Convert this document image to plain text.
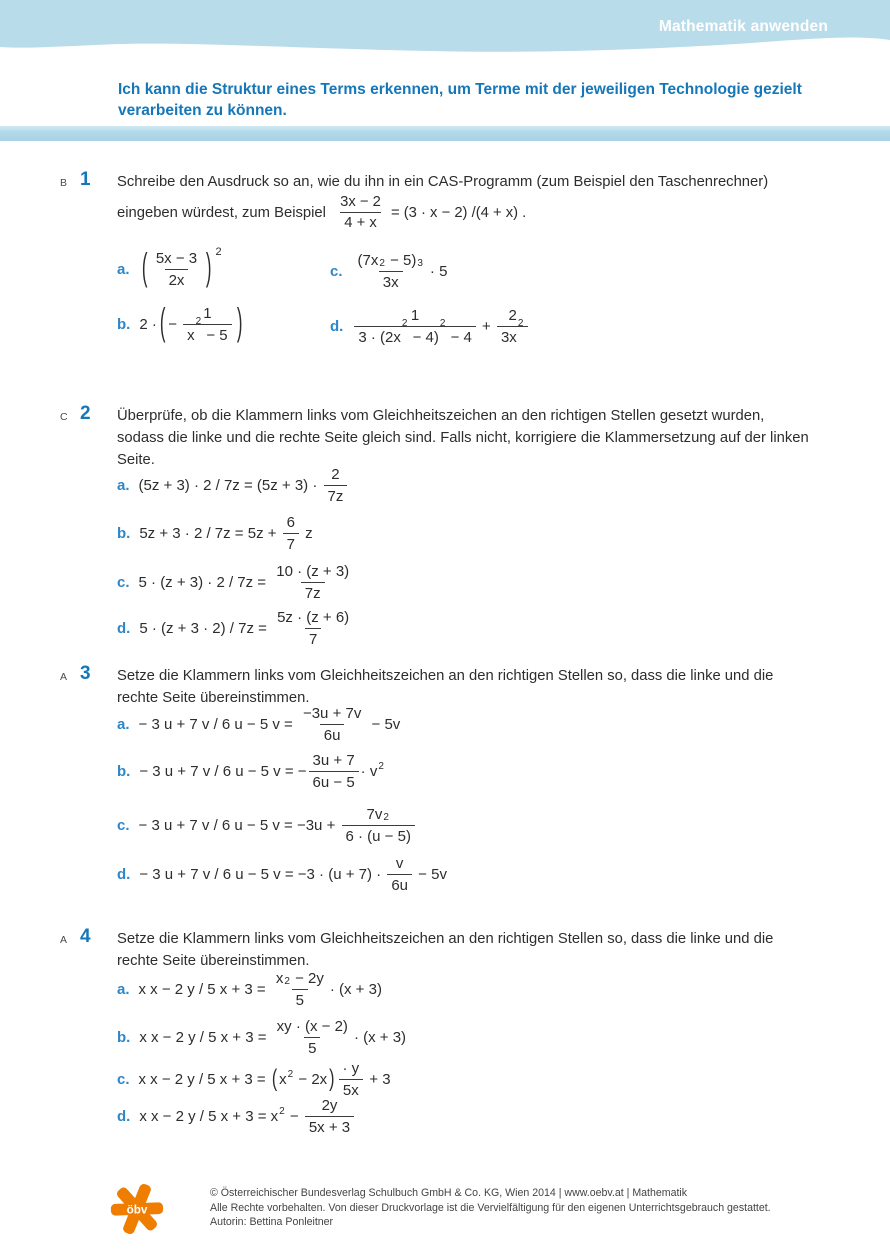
Mathematik anwenden
Ich kann die Struktur eines Terms erkennen, um Terme mit der jeweiligen Technologie gezielt
verarbeiten zu können.
B 1 Schreibe den Ausdruck so an, wie du ihn in ein CAS-Programm (zum Beispiel den Taschenrechner)
eingeben würdest, zum Beispiel $\frac{3x - 2}{4 + x} = (3 \cdot x - 2) /(4 + x)$ .
a. ( 5x − 3
2x ) $^2$
b. 2 · ( − 1
x
$^2$
− 5 )
c.
$(7x^2 - 5)^3$
3x
· 5
d.
1
3 · (2x
$^2$
− 4)
$^2$
− 4
+ 2
3x
$^2$
C 2 Überprüfe, ob die Klammern links vom Gleichheitszeichen an den richtigen Stellen gesetzt wurden,
sodass die linke und die rechte Seite gleich sind. Falls nicht, korrigiere die Klammersetzung auf der linken
Seite.
a. (5z + 3) · 2 / 7z = (5z + 3) ·
2
7z
b. $5z + 3 \cdot 2 / 7z = 5z + \frac{6}{7}$ z
c. $5 \cdot (z + 3) \cdot 2 / 7z = \frac{10 \cdot (z + 3)}{7z}$
d. $5 \cdot (z + 3 \cdot 2) / 7z = \frac{5z \cdot (z + 6)}{7}$
A 3 Setze die Klammern links vom Gleichheitszeichen an den richtigen Stellen so, dass die linke und die
rechte Seite übereinstimmen.
a. − 3 u + 7 v / 6 u − 5 $v = \frac{-3u + 7v}{6u} - 5v$
b. − 3 u + 7 v / 6 u − 5 v = − $\frac{3u + 7}{6u - 5} \cdot v^2$
c. − 3 u + 7 v / 6 u − 5 $v = -3u + \frac{7v^2}{6 \cdot (u - 5)}$
d. − 3 u + 7 v / 6 u − 5 v = −3 · (u + 7) ·
v
6u
− 5v
A 4 Setze die Klammern links vom Gleichheitszeichen an den richtigen Stellen so, dass die linke und die
rechte Seite übereinstimmen.
a. x x − 2 y / 5 $x + 3 = \frac{x^2 - 2y}{5} \cdot (x + 3)$
b. x x − 2 y / 5 $x + 3 = \frac{xy \cdot (x - 2)}{5} \cdot (x + 3)$
c. x x − 2 y / 5 x + 3 = ( $x^2 - 2x$ ) · y
5x
+ 3
d. x x − 2 y / 5 $x + 3 = x^2 - \frac{2y}{5x + 3}$
öbv
© Österreichischer Bundesverlag Schulbuch GmbH & Co. KG, Wien 2014 | www.oebv.at | Mathematik
Alle Rechte vorbehalten. Von dieser Druckvorlage ist die Vervielfältigung für den eigenen Unterrichtsgebrauch gestattet.
Autorin: Bettina Ponleitner
